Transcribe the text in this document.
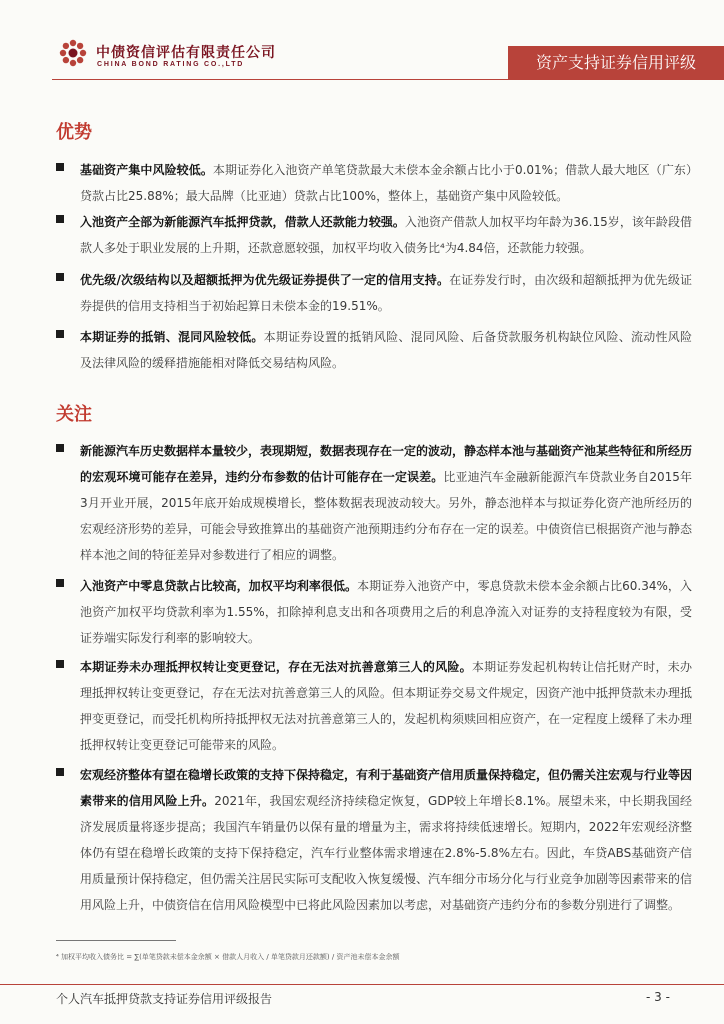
中债资信评估有限责任公司
CHINA BOND RATING CO.,LTD	资产支持证券信用评级
优势

基础资产集中风险较低。本期证券化入池资产单笔贷款最大未偿本金余额占比小于0.01%；借款人最大地区（广东）贷款占比25.88%；最大品牌（比亚迪）贷款占比100%，整体上，基础资产集中风险较低。

入池资产全部为新能源汽车抵押贷款，借款人还款能力较强。入池资产借款人加权平均年龄为36.15岁，该年龄段借款人多处于职业发展的上升期，还款意愿较强，加权平均收入债务比⁴为4.84倍，还款能力较强。

优先级/次级结构以及超额抵押为优先级证券提供了一定的信用支持。在证券发行时，由次级和超额抵押为优先级证券提供的信用支持相当于初始起算日未偿本金的19.51%。

本期证券的抵销、混同风险较低。本期证券设置的抵销风险、混同风险、后备贷款服务机构缺位风险、流动性风险及法律风险的缓释措施能相对降低交易结构风险。

关注

新能源汽车历史数据样本量较少，表现期短，数据表现存在一定的波动，静态样本池与基础资产池某些特征和所经历的宏观环境可能存在差异，违约分布参数的估计可能存在一定误差。比亚迪汽车金融新能源汽车贷款业务自2015年3月开业开展，2015年底开始成规模增长，整体数据表现波动较大。另外，静态池样本与拟证券化资产池所经历的宏观经济形势的差异，可能会导致推算出的基础资产池预期违约分布存在一定的误差。中债资信已根据资产池与静态样本池之间的特征差异对参数进行了相应的调整。

入池资产中零息贷款占比较高，加权平均利率很低。本期证券入池资产中，零息贷款未偿本金余额占比60.34%，入池资产加权平均贷款利率为1.55%，扣除掉利息支出和各项费用之后的利息净流入对证券的支持程度较为有限，受证券端实际发行利率的影响较大。

本期证券未办理抵押权转让变更登记，存在无法对抗善意第三人的风险。本期证券发起机构转让信托财产时，未办理抵押权转让变更登记，存在无法对抗善意第三人的风险。但本期证券交易文件规定，因资产池中抵押贷款未办理抵押变更登记，而受托机构所持抵押权无法对抗善意第三人的，发起机构须赎回相应资产，在一定程度上缓释了未办理抵押权转让变更登记可能带来的风险。

宏观经济整体有望在稳增长政策的支持下保持稳定，有利于基础资产信用质量保持稳定，但仍需关注宏观与行业等因素带来的信用风险上升。2021年，我国宏观经济持续稳定恢复，GDP较上年增长8.1%。展望未来，中长期我国经济发展质量将逐步提高；我国汽车销量仍以保有量的增量为主，需求将持续低速增长。短期内，2022年宏观经济整体仍有望在稳增长政策的支持下保持稳定，汽车行业整体需求增速在2.8%-5.8%左右。因此，车贷ABS基础资产信用质量预计保持稳定，但仍需关注居民实际可支配收入恢复缓慢、汽车细分市场分化与行业竞争加剧等因素带来的信用风险上升，中债资信在信用风险模型中已将此风险因素加以考虑，对基础资产违约分布的参数分别进行了调整。

⁴ 加权平均收入债务比 = ∑(单笔贷款未偿本金余额 × 借款人月收入 / 单笔贷款月还款额) / 资产池未偿本金余额
个人汽车抵押贷款支持证券信用评级报告	- 3 -
